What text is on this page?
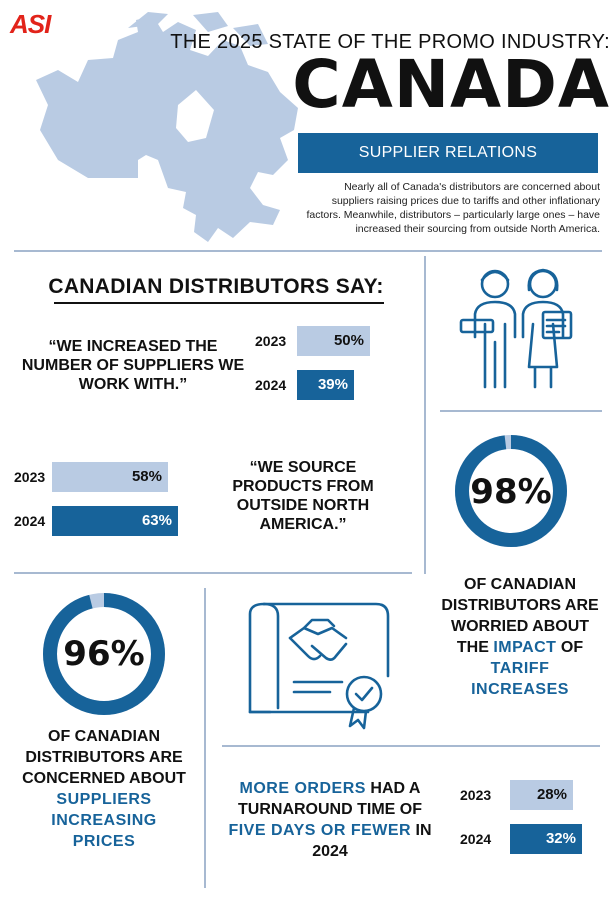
ASI
THE 2025 STATE OF THE PROMO INDUSTRY:
CANADA
SUPPLIER RELATIONS
Nearly all of Canada's distributors are concerned about suppliers raising prices due to tariffs and other inflationary factors. Meanwhile, distributors – particularly large ones – have increased their sourcing from outside North America.
CANADIAN DISTRIBUTORS SAY:
“WE INCREASED THE NUMBER OF SUPPLIERS WE WORK WITH.”
2023	50%
2024	39%
2023	58%
2024	63%
“WE SOURCE PRODUCTS FROM OUTSIDE NORTH AMERICA.”
98%
OF CANADIAN DISTRIBUTORS ARE WORRIED ABOUT THE IMPACT OF TARIFF INCREASES
96%
OF CANADIAN DISTRIBUTORS ARE CONCERNED ABOUT SUPPLIERS INCREASING PRICES
MORE ORDERS HAD A TURNAROUND TIME OF FIVE DAYS OR FEWER IN 2024
2023	28%
2024	32%
